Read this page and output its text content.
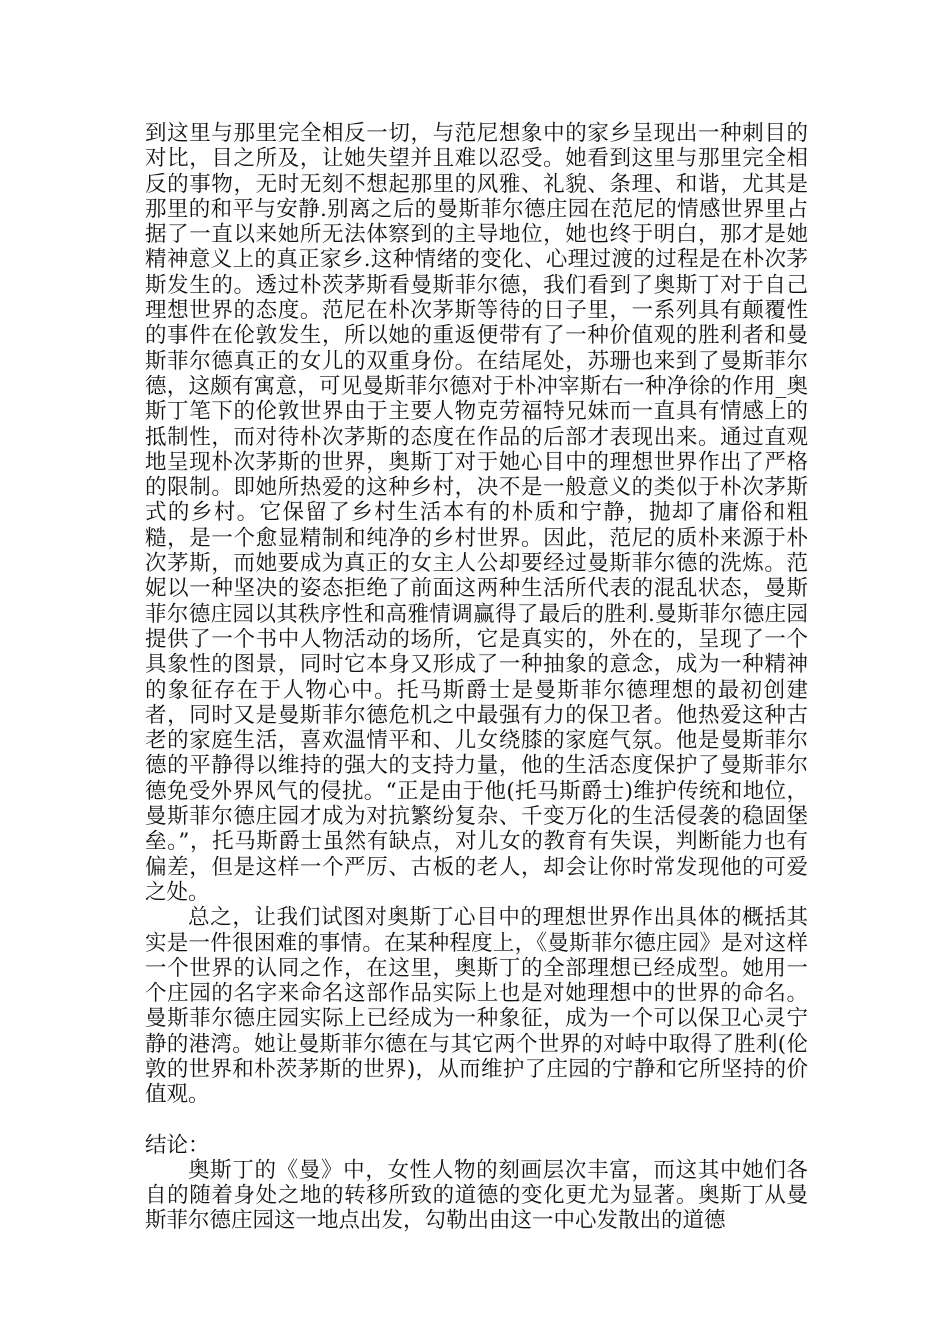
到这里与那里完全相反一切，与范尼想象中的家乡呈现出一种刺目的对比，目之所及，让她失望并且难以忍受。她看到这里与那里完全相反的事物，无时无刻不想起那里的风雅、礼貌、条理、和谐，尤其是那里的和平与安静.别离之后的曼斯菲尔德庄园在范尼的情感世界里占据了一直以来她所无法体察到的主导地位，她也终于明白，那才是她精神意义上的真正家乡.这种情绪的变化、心理过渡的过程是在朴次茅斯发生的。透过朴茨茅斯看曼斯菲尔德，我们看到了奥斯丁对于自己理想世界的态度。范尼在朴次茅斯等待的日子里，一系列具有颠覆性的事件在伦敦发生，所以她的重返便带有了一种价值观的胜利者和曼斯菲尔德真正的女儿的双重身份。在结尾处，苏珊也来到了曼斯菲尔德，这颇有寓意，可见曼斯菲尔德对于朴冲宰斯右一种净徐的作用_奥斯丁笔下的伦敦世界由于主要人物克劳福特兄妹而一直具有情感上的抵制性，而对待朴次茅斯的态度在作品的后部才表现出来。通过直观地呈现朴次茅斯的世界，奥斯丁对于她心目中的理想世界作出了严格的限制。即她所热爱的这种乡村，决不是一般意义的类似于朴次茅斯式的乡村。它保留了乡村生活本有的朴质和宁静，抛却了庸俗和粗糙，是一个愈显精制和纯净的乡村世界。因此，范尼的质朴来源于朴次茅斯，而她要成为真正的女主人公却要经过曼斯菲尔德的洗炼。范妮以一种坚决的姿态拒绝了前面这两种生活所代表的混乱状态，曼斯菲尔德庄园以其秩序性和高雅情调赢得了最后的胜利.曼斯菲尔德庄园提供了一个书中人物活动的场所，它是真实的，外在的，呈现了一个具象性的图景，同时它本身又形成了一种抽象的意念，成为一种精神的象征存在于人物心中。托马斯爵士是曼斯菲尔德理想的最初创建者，同时又是曼斯菲尔德危机之中最强有力的保卫者。他热爱这种古老的家庭生活，喜欢温情平和、儿女绕膝的家庭气氛。他是曼斯菲尔德的平静得以维持的强大的支持力量，他的生活态度保护了曼斯菲尔德免受外界风气的侵扰。“正是由于他(托马斯爵士)维护传统和地位，曼斯菲尔德庄园才成为对抗繁纷复杂、千变万化的生活侵袭的稳固堡垒。”，托马斯爵士虽然有缺点，对儿女的教育有失误，判断能力也有偏差，但是这样一个严厉、古板的老人，却会让你时常发现他的可爱之处。

总之，让我们试图对奥斯丁心目中的理想世界作出具体的概括其实是一件很困难的事情。在某种程度上，《曼斯菲尔德庄园》是对这样一个世界的认同之作，在这里，奥斯丁的全部理想已经成型。她用一个庄园的名字来命名这部作品实际上也是对她理想中的世界的命名。曼斯菲尔德庄园实际上已经成为一种象征，成为一个可以保卫心灵宁静的港湾。她让曼斯菲尔德在与其它两个世界的对峙中取得了胜利(伦敦的世界和朴茨茅斯的世界)，从而维护了庄园的宁静和它所坚持的价值观。

结论：

奥斯丁的《曼》中，女性人物的刻画层次丰富，而这其中她们各自的随着身处之地的转移所致的道德的变化更尤为显著。奥斯丁从曼斯菲尔德庄园这一地点出发，勾勒出由这一中心发散出的道德
